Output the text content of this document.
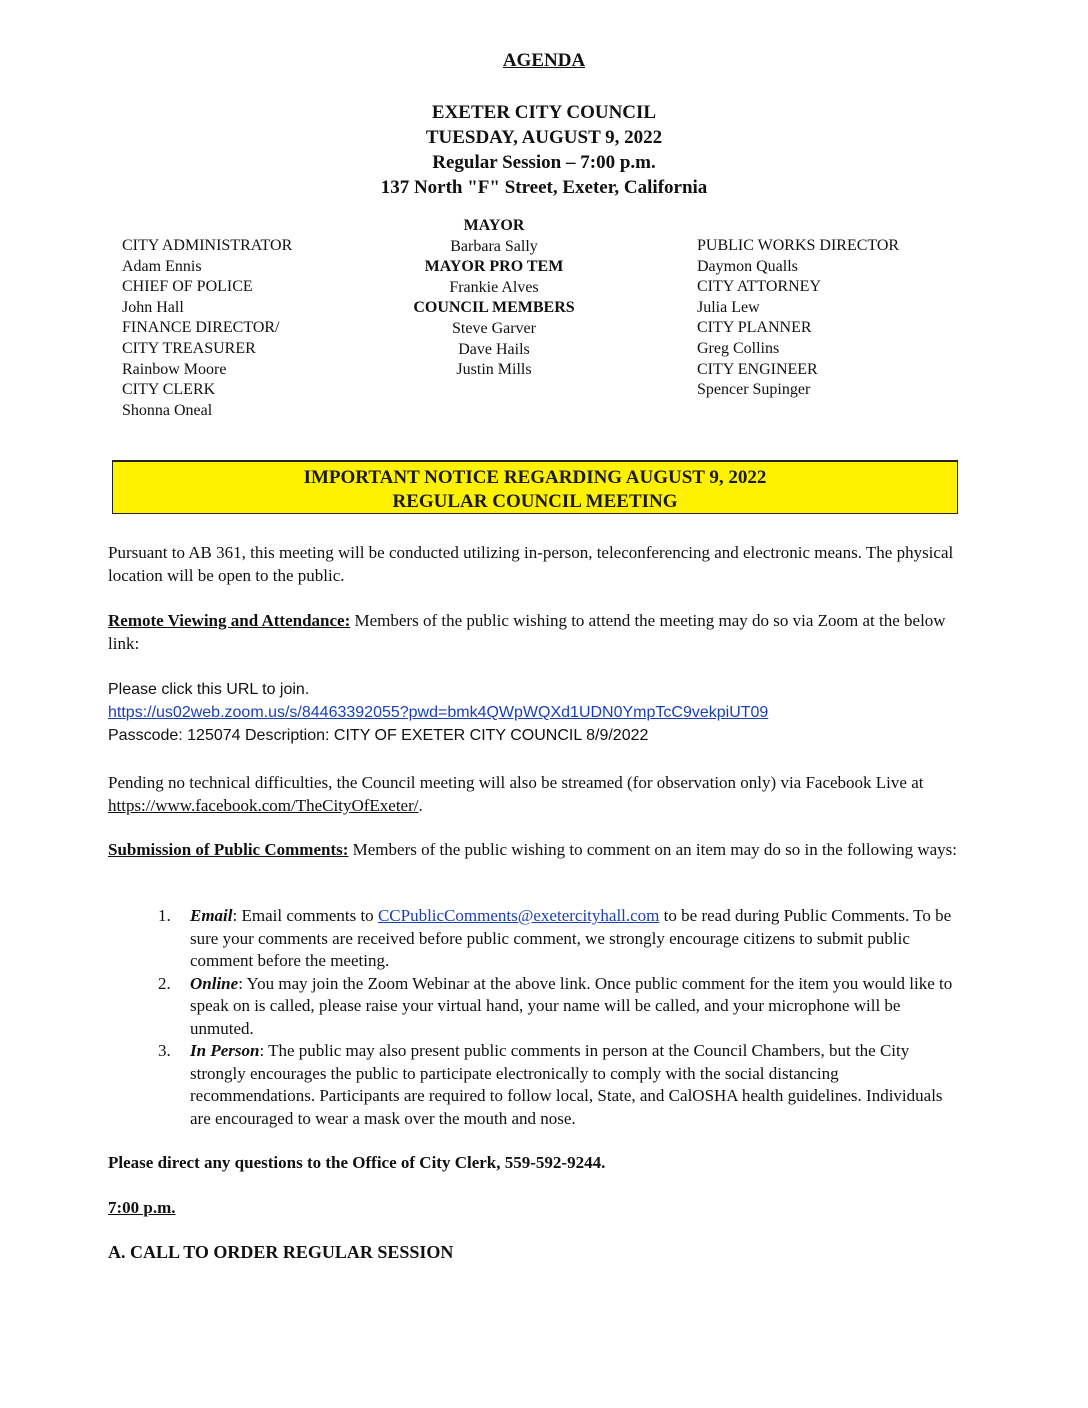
AGENDA
EXETER CITY COUNCIL
TUESDAY, AUGUST 9, 2022
Regular Session – 7:00 p.m.
137 North "F" Street, Exeter, California
CITY ADMINISTRATOR
Adam Ennis
CHIEF OF POLICE
John Hall
FINANCE DIRECTOR/
CITY TREASURER
Rainbow Moore
CITY CLERK
Shonna Oneal
MAYOR
Barbara Sally
MAYOR PRO TEM
Frankie Alves
COUNCIL MEMBERS
Steve Garver
Dave Hails
Justin Mills
PUBLIC WORKS DIRECTOR
Daymon Qualls
CITY ATTORNEY
Julia Lew
CITY PLANNER
Greg Collins
CITY ENGINEER
Spencer Supinger
IMPORTANT NOTICE REGARDING AUGUST 9, 2022
REGULAR COUNCIL MEETING
Pursuant to AB 361, this meeting will be conducted utilizing in-person, teleconferencing and electronic means. The physical location will be open to the public.
Remote Viewing and Attendance: Members of the public wishing to attend the meeting may do so via Zoom at the below link:
Please click this URL to join.
https://us02web.zoom.us/s/84463392055?pwd=bmk4QWpWQXd1UDN0YmpTcC9vekpiUT09
Passcode: 125074 Description: CITY OF EXETER CITY COUNCIL 8/9/2022
Pending no technical difficulties, the Council meeting will also be streamed (for observation only) via Facebook Live at https://www.facebook.com/TheCityOfExeter/.
Submission of Public Comments: Members of the public wishing to comment on an item may do so in the following ways:
1. Email: Email comments to CCPublicComments@exetercityhall.com to be read during Public Comments. To be sure your comments are received before public comment, we strongly encourage citizens to submit public comment before the meeting.
2. Online: You may join the Zoom Webinar at the above link. Once public comment for the item you would like to speak on is called, please raise your virtual hand, your name will be called, and your microphone will be unmuted.
3. In Person: The public may also present public comments in person at the Council Chambers, but the City strongly encourages the public to participate electronically to comply with the social distancing recommendations. Participants are required to follow local, State, and CalOSHA health guidelines. Individuals are encouraged to wear a mask over the mouth and nose.
Please direct any questions to the Office of City Clerk, 559-592-9244.
7:00 p.m.
A. CALL TO ORDER REGULAR SESSION
